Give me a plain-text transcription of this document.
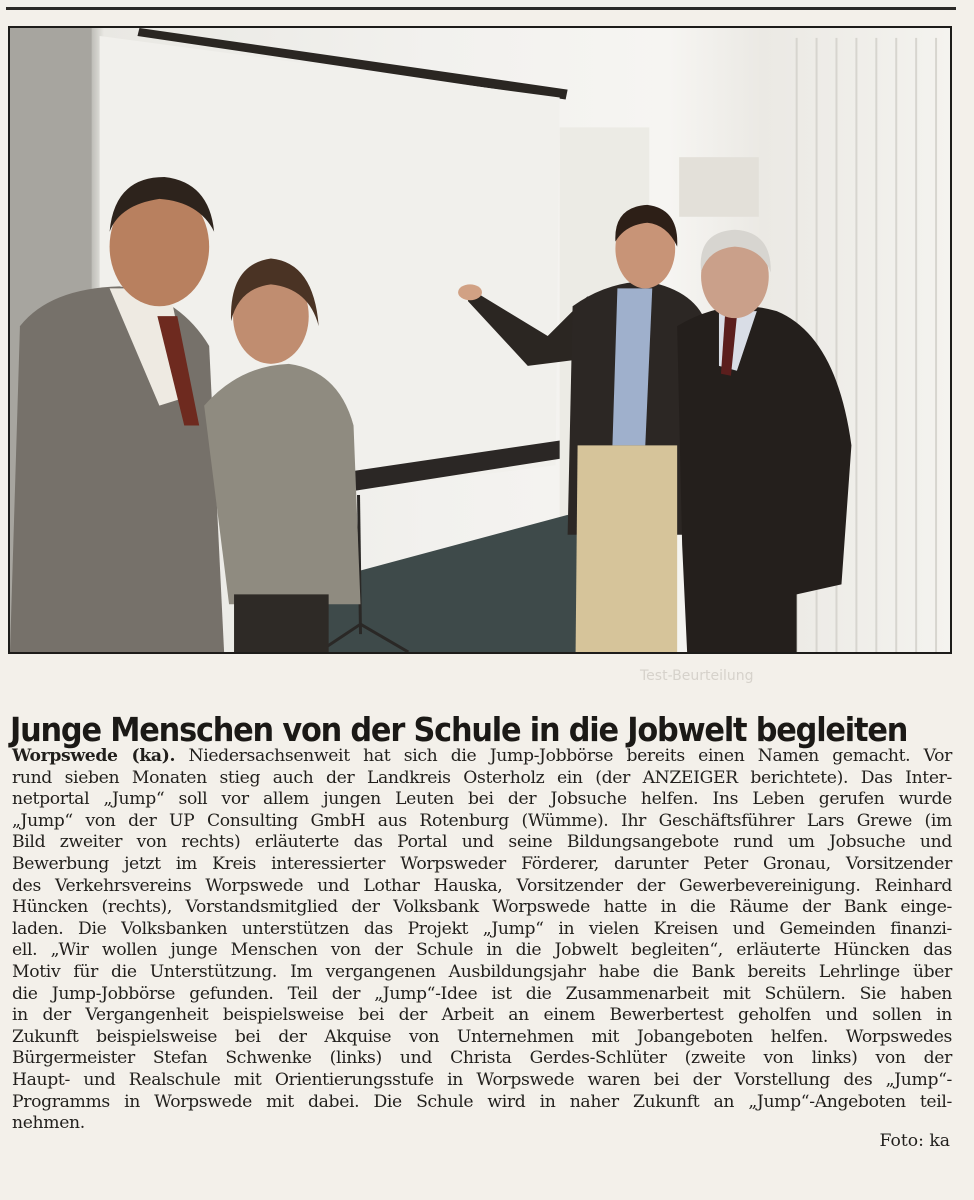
Test-Beurteilung
Junge Menschen von der Schule in die Jobwelt begleiten
Worpswede (ka). Niedersachsenweit hat sich die Jump-Jobbörse bereits einen Namen gemacht. Vor
rund sieben Monaten stieg auch der Landkreis Osterholz ein (der ANZEIGER berichtete). Das Inter-
netportal „Jump“ soll vor allem jungen Leuten bei der Jobsuche helfen. Ins Leben gerufen wurde
„Jump“ von der UP Consulting GmbH aus Rotenburg (Wümme). Ihr Geschäftsführer Lars Grewe (im
Bild zweiter von rechts) erläuterte das Portal und seine Bildungsangebote rund um Jobsuche und
Bewerbung jetzt im Kreis interessierter Worpsweder Förderer, darunter Peter Gronau, Vorsitzender
des Verkehrsvereins Worpswede und Lothar Hauska, Vorsitzender der Gewerbevereinigung. Reinhard
Hüncken (rechts), Vorstandsmitglied der Volksbank Worpswede hatte in die Räume der Bank einge-
laden. Die Volksbanken unterstützen das Projekt „Jump“ in vielen Kreisen und Gemeinden finanzi-
ell. „Wir wollen junge Menschen von der Schule in die Jobwelt begleiten“, erläuterte Hüncken das
Motiv für die Unterstützung. Im vergangenen Ausbildungsjahr habe die Bank bereits Lehrlinge über
die Jump-Jobbörse gefunden. Teil der „Jump“-Idee ist die Zusammenarbeit mit Schülern. Sie haben
in der Vergangenheit beispielsweise bei der Arbeit an einem Bewerbertest geholfen und sollen in
Zukunft beispielsweise bei der Akquise von Unternehmen mit Jobangeboten helfen. Worpswedes
Bürgermeister Stefan Schwenke (links) und Christa Gerdes-Schlüter (zweite von links) von der
Haupt- und Realschule mit Orientierungsstufe in Worpswede waren bei der Vorstellung des „Jump“-
Programms in Worpswede mit dabei. Die Schule wird in naher Zukunft an „Jump“-Angeboten teil-
nehmen.
Foto: ka
